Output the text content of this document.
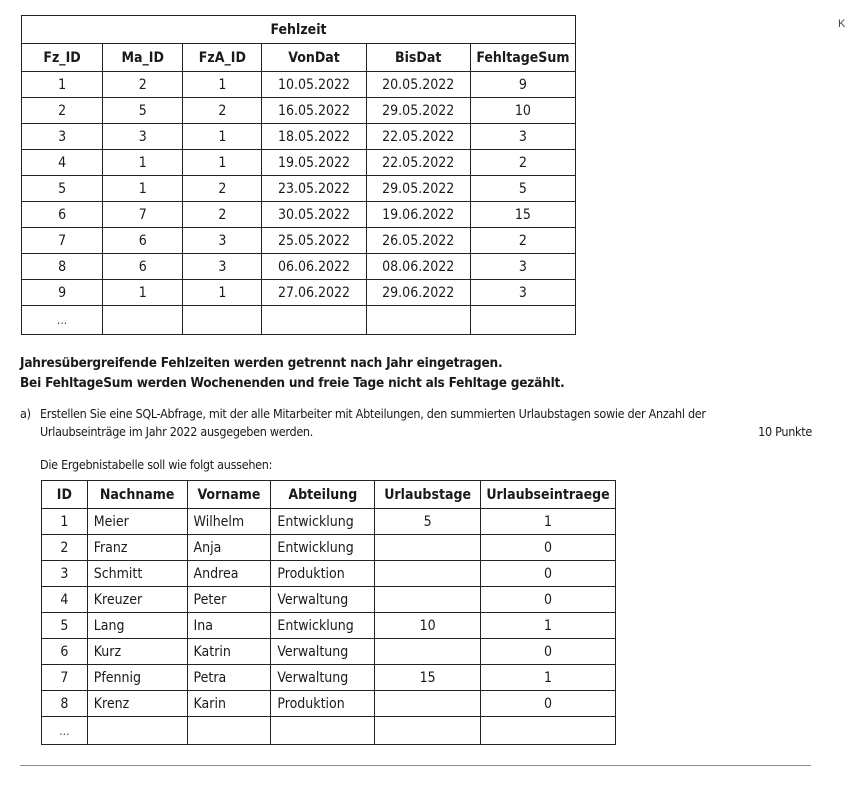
K
Fehlzeit					
Fz_ID	Ma_ID	FzA_ID	VonDat	BisDat	FehltageSum
1	2	1	10.05.2022	20.05.2022	9
2	5	2	16.05.2022	29.05.2022	10
3	3	1	18.05.2022	22.05.2022	3
4	1	1	19.05.2022	22.05.2022	2
5	1	2	23.05.2022	29.05.2022	5
6	7	2	30.05.2022	19.06.2022	15
7	6	3	25.05.2022	26.05.2022	2
8	6	3	06.06.2022	08.06.2022	3
9	1	1	27.06.2022	29.06.2022	3
...					
Jahresübergreifende Fehlzeiten werden getrennt nach Jahr eingetragen.
Bei FehltageSum werden Wochenenden und freie Tage nicht als Fehltage gezählt.
a) Erstellen Sie eine SQL-Abfrage, mit der alle Mitarbeiter mit Abteilungen, den summierten Urlaubstagen sowie der Anzahl der
Urlaubseinträge im Jahr 2022 ausgegeben werden.	10 Punkte
Die Ergebnistabelle soll wie folgt aussehen:
ID	Nachname	Vorname	Abteilung	Urlaubstage	Urlaubseintraege
1	Meier	Wilhelm	Entwicklung	5	1
2	Franz	Anja	Entwicklung		0
3	Schmitt	Andrea	Produktion		0
4	Kreuzer	Peter	Verwaltung		0
5	Lang	Ina	Entwicklung	10	1
6	Kurz	Katrin	Verwaltung		0
7	Pfennig	Petra	Verwaltung	15	1
8	Krenz	Karin	Produktion		0
...					
